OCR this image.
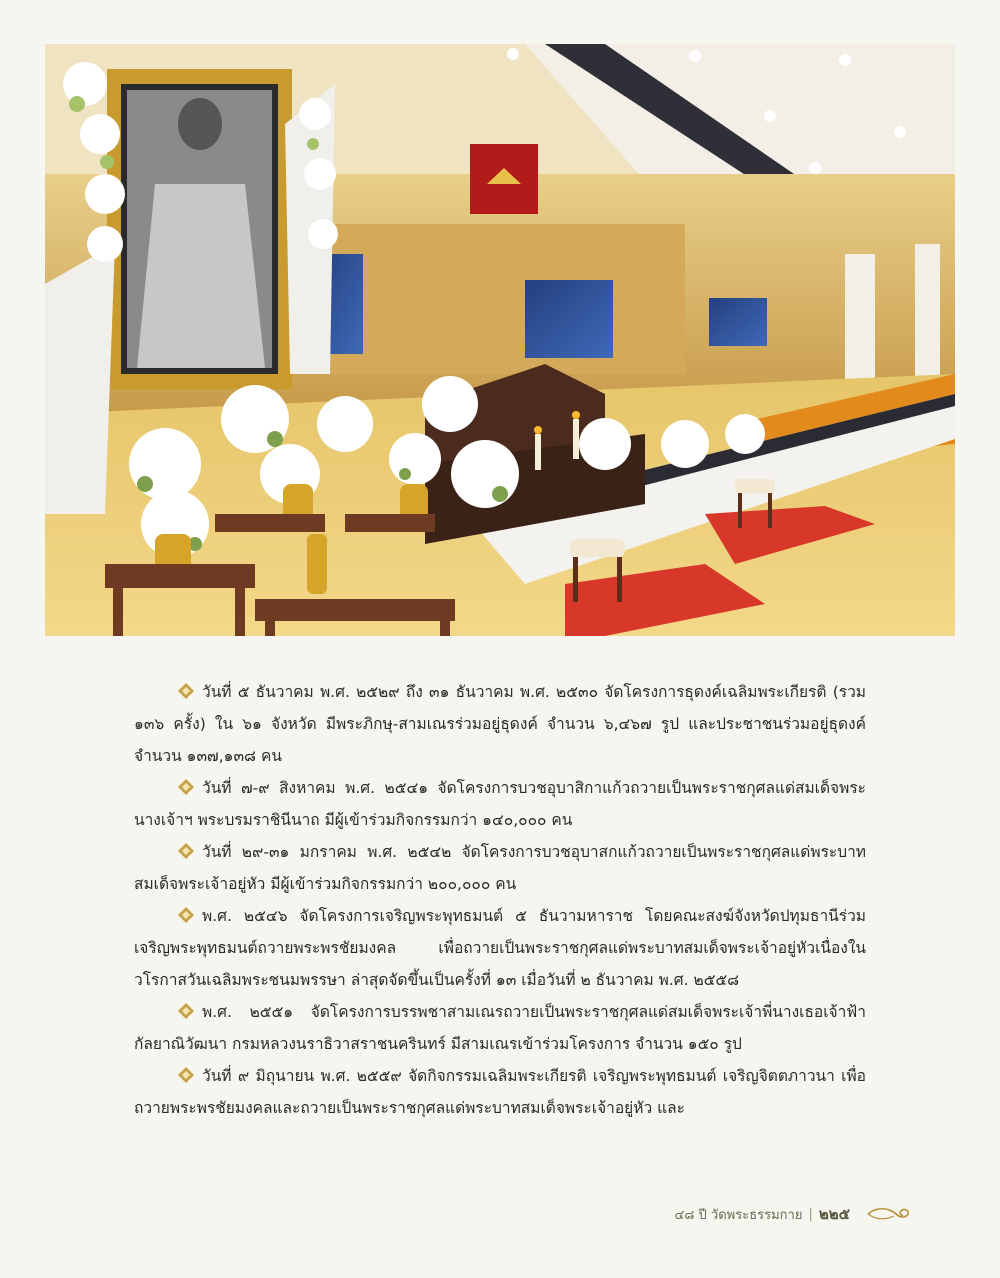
วันที่ ๕ ธันวาคม พ.ศ. ๒๕๒๙ ถึง ๓๑ ธันวาคม พ.ศ. ๒๕๓๐ จัดโครงการธุดงค์เฉลิมพระเกียรติ (รวม ๑๓๖ ครั้ง) ใน ๖๑ จังหวัด มีพระภิกษุ-สามเณรร่วมอยู่ธุดงค์ จำนวน ๖,๔๖๗ รูป และประชาชนร่วมอยู่ธุดงค์ จำนวน ๑๓๗,๑๓๘ คน

วันที่ ๗-๙ สิงหาคม พ.ศ. ๒๕๔๑ จัดโครงการบวชอุบาสิกาแก้วถวายเป็นพระราชกุศลแด่สมเด็จพระนางเจ้าฯ พระบรมราชินีนาถ มีผู้เข้าร่วมกิจกรรมกว่า ๑๔๐,๐๐๐ คน

วันที่ ๒๙-๓๑ มกราคม พ.ศ. ๒๕๔๒ จัดโครงการบวชอุบาสกแก้วถวายเป็นพระราชกุศลแด่พระบาทสมเด็จพระเจ้าอยู่หัว มีผู้เข้าร่วมกิจกรรมกว่า ๒๐๐,๐๐๐ คน

พ.ศ. ๒๕๔๖ จัดโครงการเจริญพระพุทธมนต์ ๕ ธันวามหาราช โดยคณะสงฆ์จังหวัดปทุมธานีร่วมเจริญพระพุทธมนต์ถวายพระพรชัยมงคล เพื่อถวายเป็นพระราชกุศลแด่พระบาทสมเด็จพระเจ้าอยู่หัวเนื่องในวโรกาสวันเฉลิมพระชนมพรรษา ล่าสุดจัดขึ้นเป็นครั้งที่ ๑๓ เมื่อวันที่ ๒ ธันวาคม พ.ศ. ๒๕๕๘

พ.ศ. ๒๕๕๑ จัดโครงการบรรพชาสามเณรถวายเป็นพระราชกุศลแด่สมเด็จพระเจ้าพี่นางเธอเจ้าฟ้ากัลยาณิวัฒนา กรมหลวงนราธิวาสราชนครินทร์ มีสามเณรเข้าร่วมโครงการ จำนวน ๑๕๐ รูป

วันที่ ๙ มิถุนายน พ.ศ. ๒๕๕๙ จัดกิจกรรมเฉลิมพระเกียรติ เจริญพระพุทธมนต์ เจริญจิตตภาวนา เพื่อถวายพระพรชัยมงคลและถวายเป็นพระราชกุศลแด่พระบาทสมเด็จพระเจ้าอยู่หัว และ

๔๘ ปี วัดพระธรรมกาย | ๒๒๕
